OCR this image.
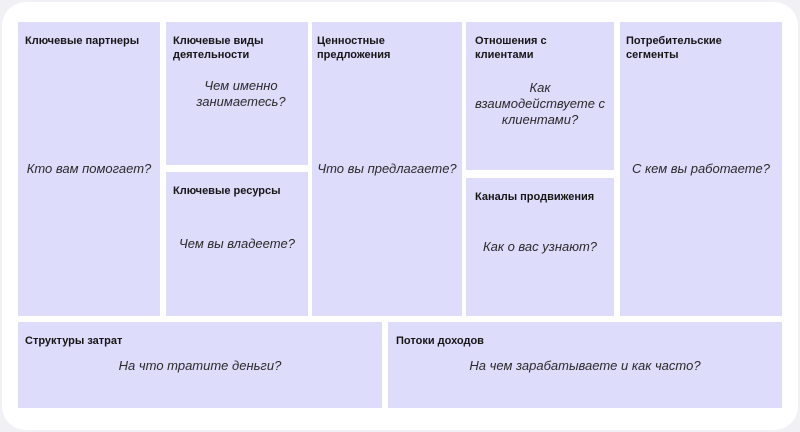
Ключевые партнеры
Кто вам помогает?
Ключевые виды деятельности
Чем именно занимаетесь?
Ключевые ресурсы
Чем вы владеете?
Ценностные предложения
Что вы предлагаете?
Отношения с клиентами
Как взаимодействуете с клиентами?
Каналы продвижения
Как о вас узнают?
Потребительские сегменты
С кем вы работаете?
Структуры затрат
На что тратите деньги?
Потоки доходов
На чем зарабатываете и как часто?
